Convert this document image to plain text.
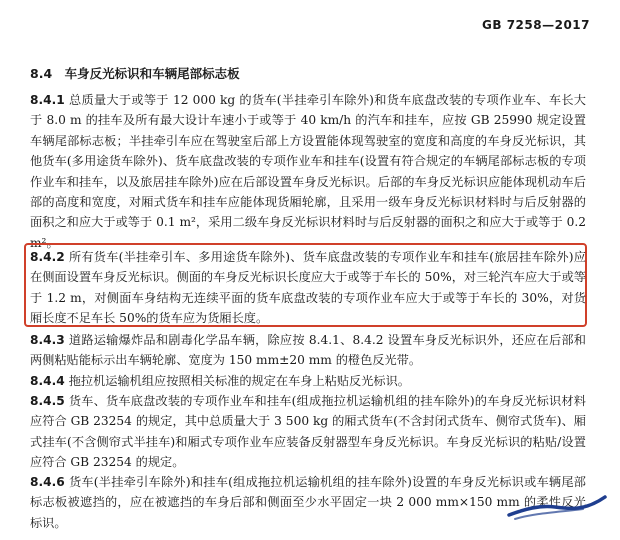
GB 7258—2017
8.4　车身反光标识和车辆尾部标志板
8.4.1 总质量大于或等于 12 000 kg 的货车(半挂牵引车除外)和货车底盘改装的专项作业车、车长大于 8.0 m 的挂车及所有最大设计车速小于或等于 40 km/h 的汽车和挂车，应按 GB 25990 规定设置车辆尾部标志板；半挂牵引车应在驾驶室后部上方设置能体现驾驶室的宽度和高度的车身反光标识，其他货车(多用途货车除外)、货车底盘改装的专项作业车和挂车(设置有符合规定的车辆尾部标志板的专项作业车和挂车，以及旅居挂车除外)应在后部设置车身反光标识。后部的车身反光标识应能体现机动车后部的高度和宽度，对厢式货车和挂车应能体现货厢轮廓，且采用一级车身反光标识材料时与后反射器的面积之和应大于或等于 0.1 m²，采用二级车身反光标识材料时与后反射器的面积之和应大于或等于 0.2 m²。
8.4.2 所有货车(半挂牵引车、多用途货车除外)、货车底盘改装的专项作业车和挂车(旅居挂车除外)应在侧面设置车身反光标识。侧面的车身反光标识长度应大于或等于车长的 50%，对三轮汽车应大于或等于 1.2 m，对侧面车身结构无连续平面的货车底盘改装的专项作业车应大于或等于车长的 30%，对货厢长度不足车长 50%的货车应为货厢长度。
8.4.3 道路运输爆炸品和剧毒化学品车辆，除应按 8.4.1、8.4.2 设置车身反光标识外，还应在后部和两侧粘贴能标示出车辆轮廓、宽度为 150 mm±20 mm 的橙色反光带。
8.4.4 拖拉机运输机组应按照相关标准的规定在车身上粘贴反光标识。
8.4.5 货车、货车底盘改装的专项作业车和挂车(组成拖拉机运输机组的挂车除外)的车身反光标识材料应符合 GB 23254 的规定，其中总质量大于 3 500 kg 的厢式货车(不含封闭式货车、侧帘式货车)、厢式挂车(不含侧帘式半挂车)和厢式专项作业车应装备反射器型车身反光标识。车身反光标识的粘贴/设置应符合 GB 23254 的规定。
8.4.6 货车(半挂牵引车除外)和挂车(组成拖拉机运输机组的挂车除外)设置的车身反光标识或车辆尾部标志板被遮挡的，应在被遮挡的车身后部和侧面至少水平固定一块 2 000 mm×150 mm 的柔性反光标识。
